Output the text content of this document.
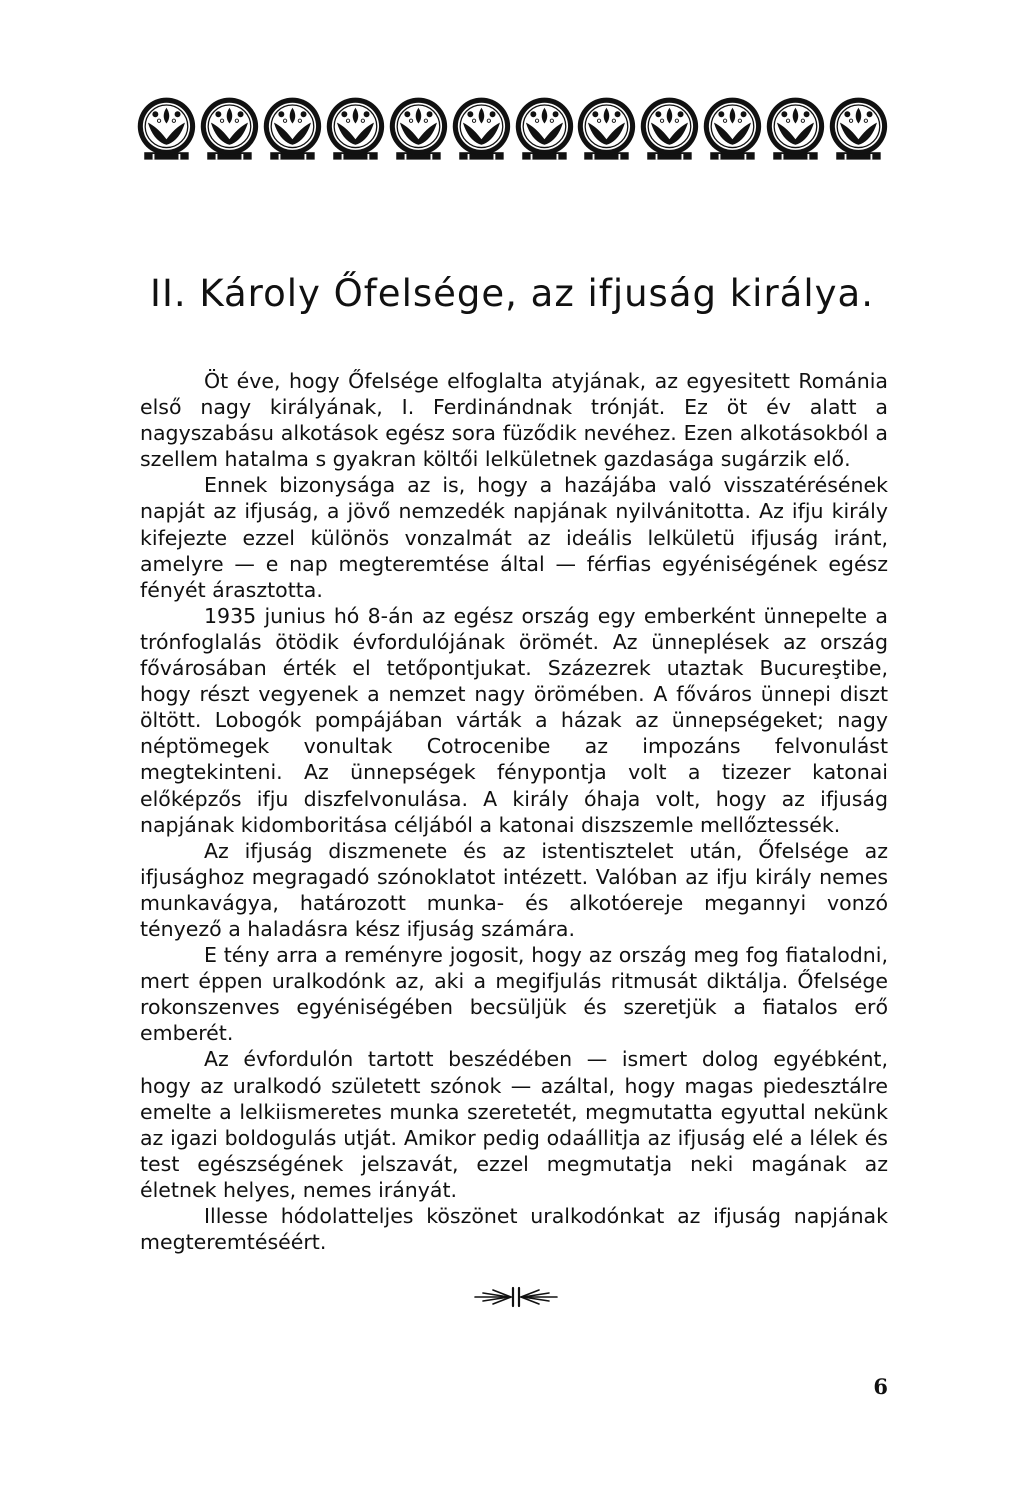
II. Károly Őfelsége, az ifjuság királya.

Öt éve, hogy Őfelsége elfoglalta atyjának, az egyesitett Románia első nagy királyának, I. Ferdinándnak trónját. Ez öt év alatt a nagyszabásu alkotások egész sora füződik nevéhez. Ezen alkotásokból a szellem hatalma s gyakran költői lelkületnek gazdasága sugárzik elő.

Ennek bizonysága az is, hogy a hazájába való visszatérésének napját az ifjuság, a jövő nemzedék napjának nyilvánitotta. Az ifju király kifejezte ezzel különös vonzalmát az ideális lelkületü ifjuság iránt, amelyre — e nap megteremtése által — férfias egyéniségének egész fényét árasztotta.

1935 junius hó 8-án az egész ország egy emberként ünnepelte a trónfoglalás ötödik évfordulójának örömét. Az ünneplések az ország fővárosában érték el tetőpontjukat. Százezrek utaztak Bucureştibe, hogy részt vegyenek a nemzet nagy örömében. A főváros ünnepi diszt öltött. Lobogók pompájában várták a házak az ünnepségeket; nagy néptömegek vonultak Cotrocenibe az impozáns felvonulást megtekinteni. Az ünnepségek fénypontja volt a tizezer katonai előképzős ifju diszfelvonulása. A király óhaja volt, hogy az ifjuság napjának kidomboritása céljából a katonai diszszemle mellőztessék.

Az ifjuság diszmenete és az istentisztelet után, Őfelsége az ifjusághoz megragadó szónoklatot intézett. Valóban az ifju király nemes munkavágya, határozott munka- és alkotóereje megannyi vonzó tényező a haladásra kész ifjuság számára.

E tény arra a reményre jogosit, hogy az ország meg fog fiatalodni, mert éppen uralkodónk az, aki a megifjulás ritmusát diktálja. Őfelsége rokonszenves egyéniségében becsüljük és szeretjük a fiatalos erő emberét.

Az évfordulón tartott beszédében — ismert dolog egyébként, hogy az uralkodó született szónok — azáltal, hogy magas piedesztálre emelte a lelkiismeretes munka szeretetét, megmutatta egyuttal nekünk az igazi boldogulás utját. Amikor pedig odaállitja az ifjuság elé a lélek és test egészségének jelszavát, ezzel megmutatja neki magának az életnek helyes, nemes irányát.

Illesse hódolatteljes köszönet uralkodónkat az ifjuság napjának megteremtéséért.

6
